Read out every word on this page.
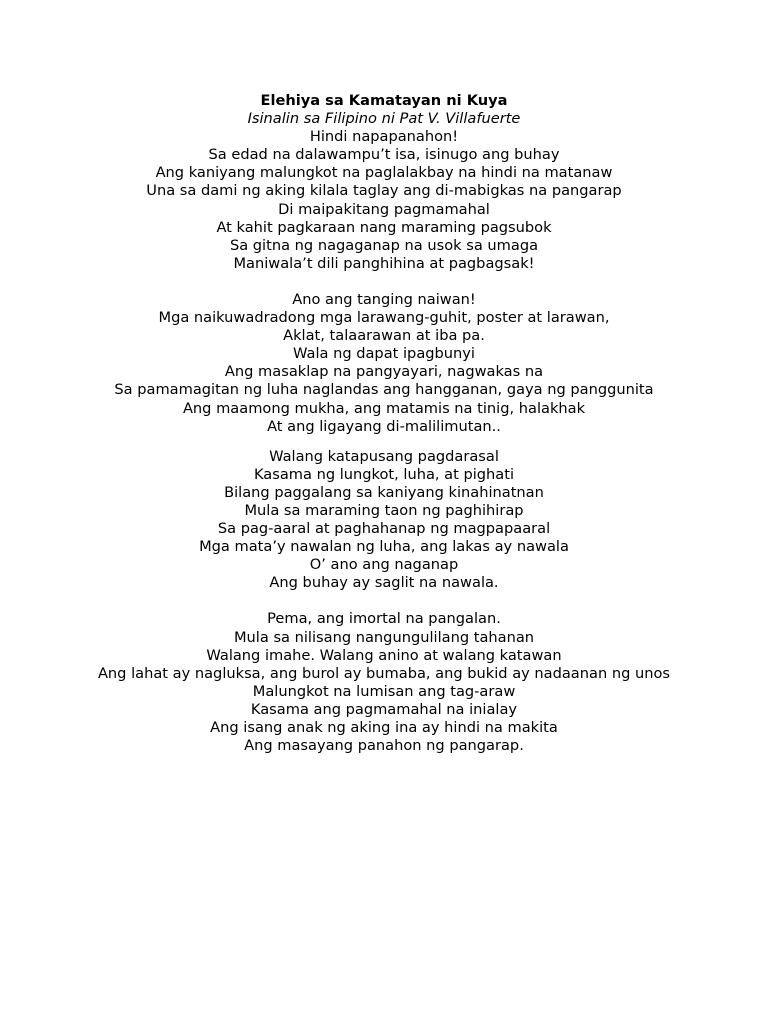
Elehiya sa Kamatayan ni Kuya
Isinalin sa Filipino ni Pat V. Villafuerte
Hindi napapanahon!
Sa edad na dalawampu’t isa, isinugo ang buhay
Ang kaniyang malungkot na paglalakbay na hindi na matanaw
Una sa dami ng aking kilala taglay ang di-mabigkas na pangarap
Di maipakitang pagmamahal
At kahit pagkaraan nang maraming pagsubok
Sa gitna ng nagaganap na usok sa umaga
Maniwala’t dili panghihina at pagbagsak!
Ano ang tanging naiwan!
Mga naikuwadradong mga larawang-guhit, poster at larawan,
Aklat, talaarawan at iba pa.
Wala ng dapat ipagbunyi
Ang masaklap na pangyayari, nagwakas na
Sa pamamagitan ng luha naglandas ang hangganan, gaya ng panggunita
Ang maamong mukha, ang matamis na tinig, halakhak
At ang ligayang di-malilimutan..
Walang katapusang pagdarasal
Kasama ng lungkot, luha, at pighati
Bilang paggalang sa kaniyang kinahinatnan
Mula sa maraming taon ng paghihirap
Sa pag-aaral at paghahanap ng magpapaaral
Mga mata’y nawalan ng luha, ang lakas ay nawala
O’ ano ang naganap
Ang buhay ay saglit na nawala.
Pema, ang imortal na pangalan.
Mula sa nilisang nangungulilang tahanan
Walang imahe. Walang anino at walang katawan
Ang lahat ay nagluksa, ang burol ay bumaba, ang bukid ay nadaanan ng unos
Malungkot na lumisan ang tag-araw
Kasama ang pagmamahal na inialay
Ang isang anak ng aking ina ay hindi na makita
Ang masayang panahon ng pangarap.
